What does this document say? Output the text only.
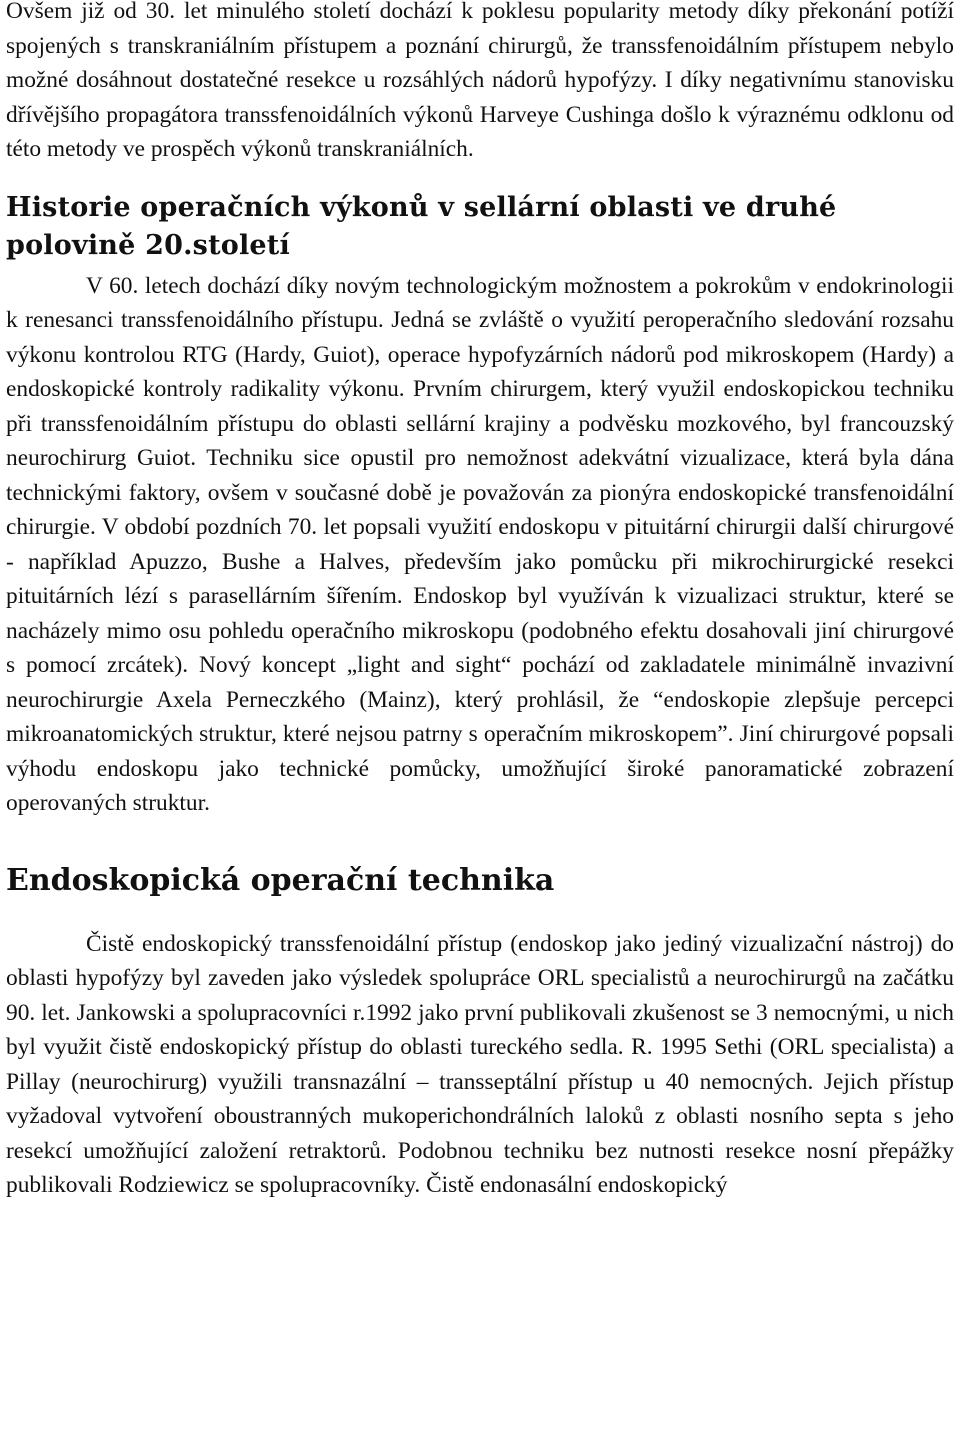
Ovšem již od 30. let minulého století dochází k poklesu popularity metody díky překonání potíží spojených s transkraniálním přístupem a poznání chirurgů, že transsfenoidálním přístupem nebylo možné dosáhnout dostatečné resekce u rozsáhlých nádorů hypofýzy. I díky negativnímu stanovisku dřívějšího propagátora transsfenoidálních výkonů Harveye Cushinga došlo k výraznému odklonu od této metody ve prospěch výkonů transkraniálních.

Historie operačních výkonů v sellární oblasti ve druhé polovině 20.století

V 60. letech dochází díky novým technologickým možnostem a pokrokům v endokrinologii k renesanci transsfenoidálního přístupu. Jedná se zvláště o využití peroperačního sledování rozsahu výkonu kontrolou RTG (Hardy, Guiot), operace hypofyzárních nádorů pod mikroskopem (Hardy) a endoskopické kontroly radikality výkonu. Prvním chirurgem, který využil endoskopickou techniku při transsfenoidálním přístupu do oblasti sellární krajiny a podvěsku mozkového, byl francouzský neurochirurg Guiot. Techniku sice opustil pro nemožnost adekvátní vizualizace, která byla dána technickými faktory, ovšem v současné době je považován za pionýra endoskopické transfenoidální chirurgie. V období pozdních 70. let popsali využití endoskopu v pituitární chirurgii další chirurgové - například Apuzzo, Bushe a Halves, především jako pomůcku při mikrochirurgické resekci pituitárních lézí s parasellárním šířením. Endoskop byl využíván k vizualizaci struktur, které se nacházely mimo osu pohledu operačního mikroskopu (podobného efektu dosahovali jiní chirurgové s pomocí zrcátek). Nový koncept „light and sight“ pochází od zakladatele minimálně invazivní neurochirurgie Axela Perneczkého (Mainz), který prohlásil, že “endoskopie zlepšuje percepci mikroanatomických struktur, které nejsou patrny s operačním mikroskopem”. Jiní chirurgové popsali výhodu endoskopu jako technické pomůcky, umožňující široké panoramatické zobrazení operovaných struktur.

Endoskopická operační technika

Čistě endoskopický transsfenoidální přístup (endoskop jako jediný vizualizační nástroj) do oblasti hypofýzy byl zaveden jako výsledek spolupráce ORL specialistů a neurochirurgů na začátku 90. let. Jankowski a spolupracovníci r.1992 jako první publikovali zkušenost se 3 nemocnými, u nich byl využit čistě endoskopický přístup do oblasti tureckého sedla. R. 1995 Sethi (ORL specialista) a Pillay (neurochirurg) využili transnazální – transseptální přístup u 40 nemocných. Jejich přístup vyžadoval vytvoření oboustranných mukoperichondrálních laloků z oblasti nosního septa s jeho resekcí umožňující založení retraktorů. Podobnou techniku bez nutnosti resekce nosní přepážky publikovali Rodziewicz se spolupracovníky. Čistě endonasální endoskopický
